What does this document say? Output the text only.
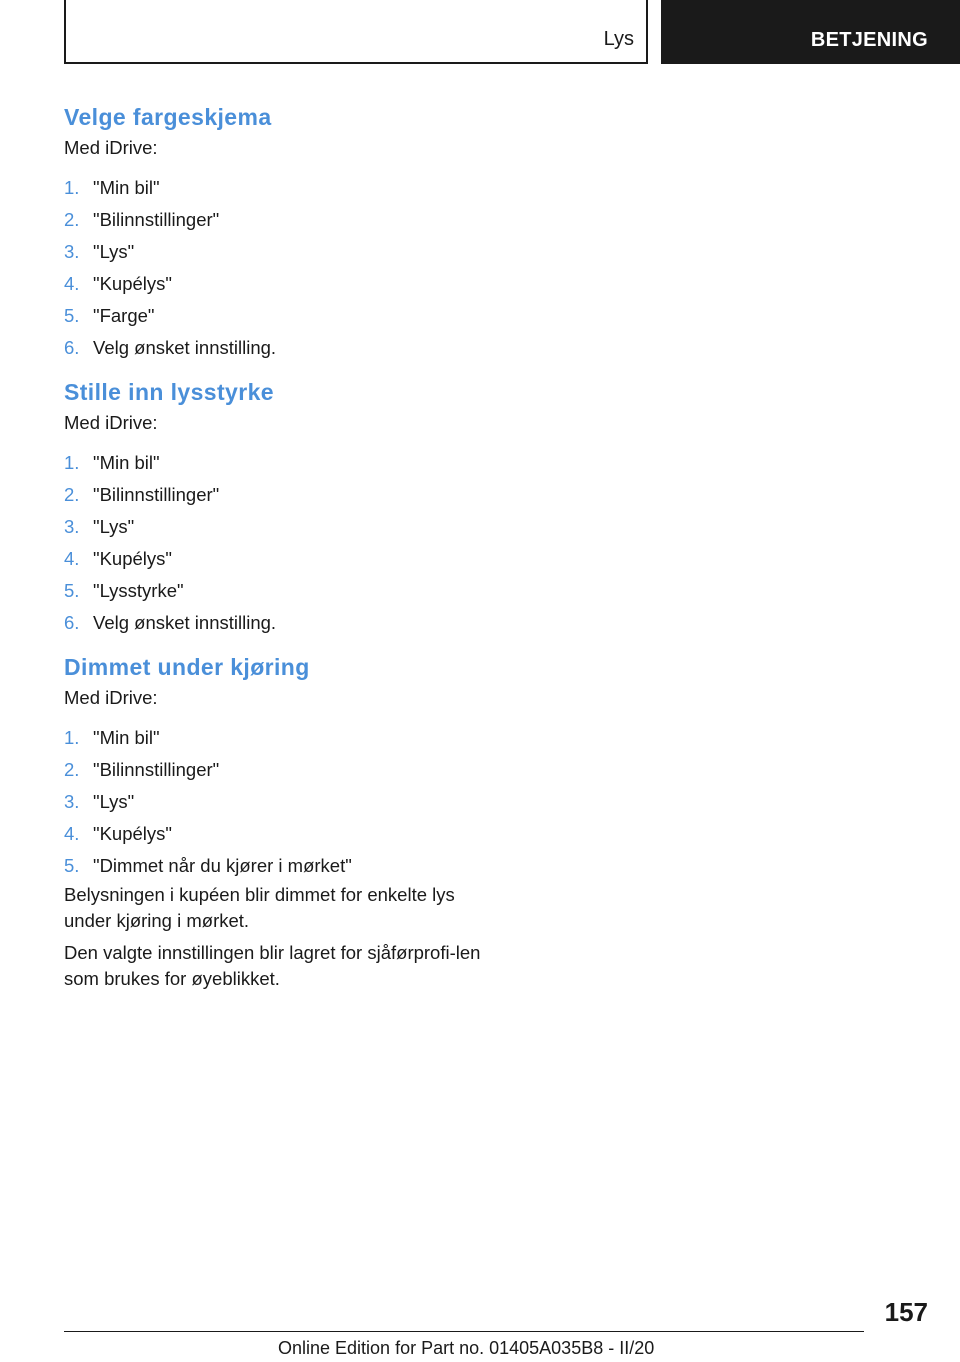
Lys	BETJENING
Velge fargeskjema

Med iDrive:

1. "Min bil"
2. "Bilinnstillinger"
3. "Lys"
4. "Kupélys"
5. "Farge"
6. Velg ønsket innstilling.
Stille inn lysstyrke

Med iDrive:

1. "Min bil"
2. "Bilinnstillinger"
3. "Lys"
4. "Kupélys"
5. "Lysstyrke"
6. Velg ønsket innstilling.
Dimmet under kjøring

Med iDrive:

1. "Min bil"
2. "Bilinnstillinger"
3. "Lys"
4. "Kupélys"
5. "Dimmet når du kjører i mørket"

Belysningen i kupéen blir dimmet for enkelte lys under kjøring i mørket.

Den valgte innstillingen blir lagret for sjåførprofi-len som brukes for øyeblikket.

157
Online Edition for Part no. 01405A035B8 - II/20
